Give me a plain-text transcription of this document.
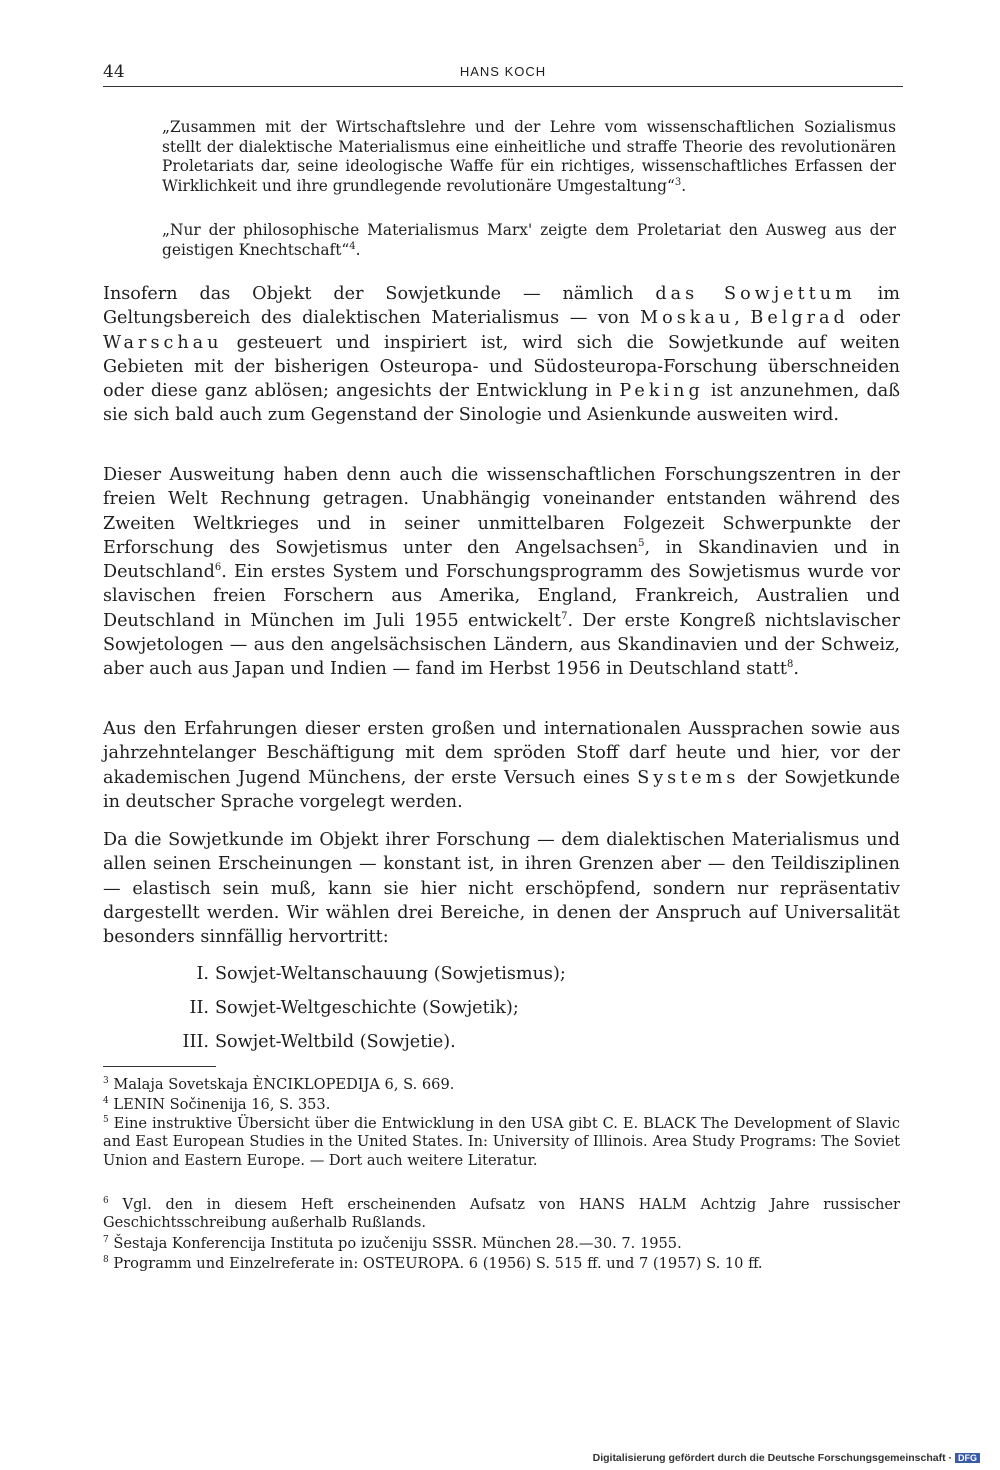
44	HANS KOCH
„Zusammen mit der Wirtschaftslehre und der Lehre vom wissenschaftlichen Sozialismus stellt der dialektische Materialismus eine einheitliche und straffe Theorie des revolutionären Proletariats dar, seine ideologische Waffe für ein richtiges, wissenschaftliches Erfassen der Wirklichkeit und ihre grundlegende revolutionäre Umgestaltung“$^3$.
„Nur der philosophische Materialismus Marx' zeigte dem Proletariat den Ausweg aus der geistigen Knechtschaft“$^4$.
Insofern das Objekt der Sowjetkunde — nämlich das Sowjettum im Geltungsbereich des dialektischen Materialismus — von Moskau, Belgrad oder Warschau gesteuert und inspiriert ist, wird sich die Sowjetkunde auf weiten Gebieten mit der bisherigen Osteuropa- und Südosteuropa-Forschung überschneiden oder diese ganz ablösen; angesichts der Entwicklung in Peking ist anzunehmen, daß sie sich bald auch zum Gegenstand der Sinologie und Asienkunde ausweiten wird.
Dieser Ausweitung haben denn auch die wissenschaftlichen Forschungszentren in der freien Welt Rechnung getragen. Unabhängig voneinander entstanden während des Zweiten Weltkrieges und in seiner unmittelbaren Folgezeit Schwerpunkte der Erforschung des Sowjetismus unter den Angelsachsen$^5$, in Skandinavien und in Deutschland$^6$. Ein erstes System und Forschungsprogramm des Sowjetismus wurde vor slavischen freien Forschern aus Amerika, England, Frankreich, Australien und Deutschland in München im Juli 1955 entwickelt$^7$. Der erste Kongreß nichtslavischer Sowjetologen — aus den angelsächsischen Ländern, aus Skandinavien und der Schweiz, aber auch aus Japan und Indien — fand im Herbst 1956 in Deutschland statt$^8$.
Aus den Erfahrungen dieser ersten großen und internationalen Aussprachen sowie aus jahrzehntelanger Beschäftigung mit dem spröden Stoff darf heute und hier, vor der akademischen Jugend Münchens, der erste Versuch eines Systems der Sowjetkunde in deutscher Sprache vorgelegt werden.
Da die Sowjetkunde im Objekt ihrer Forschung — dem dialektischen Materialismus und allen seinen Erscheinungen — konstant ist, in ihren Grenzen aber — den Teildisziplinen — elastisch sein muß, kann sie hier nicht erschöpfend, sondern nur repräsentativ dargestellt werden. Wir wählen drei Bereiche, in denen der Anspruch auf Universalität besonders sinnfällig hervortritt:
I. Sowjet-Weltanschauung (Sowjetismus);
II. Sowjet-Weltgeschichte (Sowjetik);
III. Sowjet-Weltbild (Sowjetie).
$^3$ Malaja Sovetskaja ÈNCIKLOPEDIJA 6, S. 669.
$^4$ LENIN Sočinenija 16, S. 353.
$^5$ Eine instruktive Übersicht über die Entwicklung in den USA gibt C. E. BLACK The Development of Slavic and East European Studies in the United States. In: University of Illinois. Area Study Programs: The Soviet Union and Eastern Europe. — Dort auch weitere Literatur.
$^6$ Vgl. den in diesem Heft erscheinenden Aufsatz von HANS HALM Achtzig Jahre russischer Geschichtsschreibung außerhalb Rußlands.
$^7$ Šestaja Konferencija Instituta po izučeniju SSSR. München 28.—30. 7. 1955.
$^8$ Programm und Einzelreferate in: OSTEUROPA. 6 (1956) S. 515 ff. und 7 (1957) S. 10 ff.
Digitalisierung gefördert durch die Deutsche Forschungsgemeinschaft · DFG
